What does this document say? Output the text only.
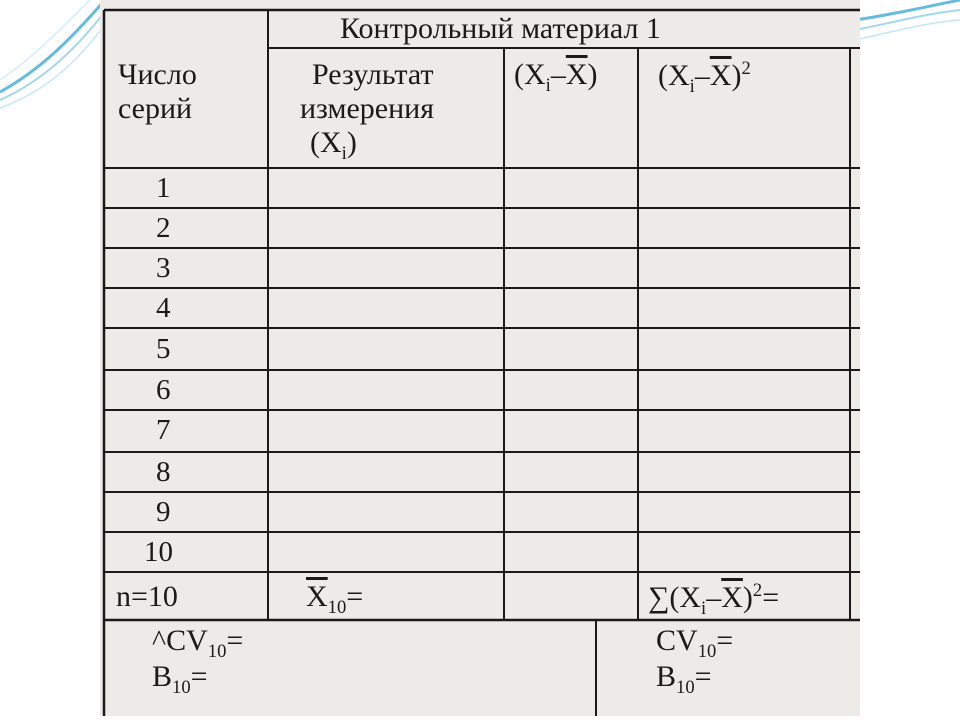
Контрольный материал 1
Число серий
Результат
измерения
$(X_i)$
$(X_i-\overline{X})$ $(X_i-\overline{X})^2$
1
2
3
4
5
6
7
8
9
10
n=10	$\overline{X}_{10}=$	$\sum(X_i-\overline{X})^2=$
^
$CV_{10}=$
$B_{10}=$
$CV_{10}=$
$B_{10}=$
